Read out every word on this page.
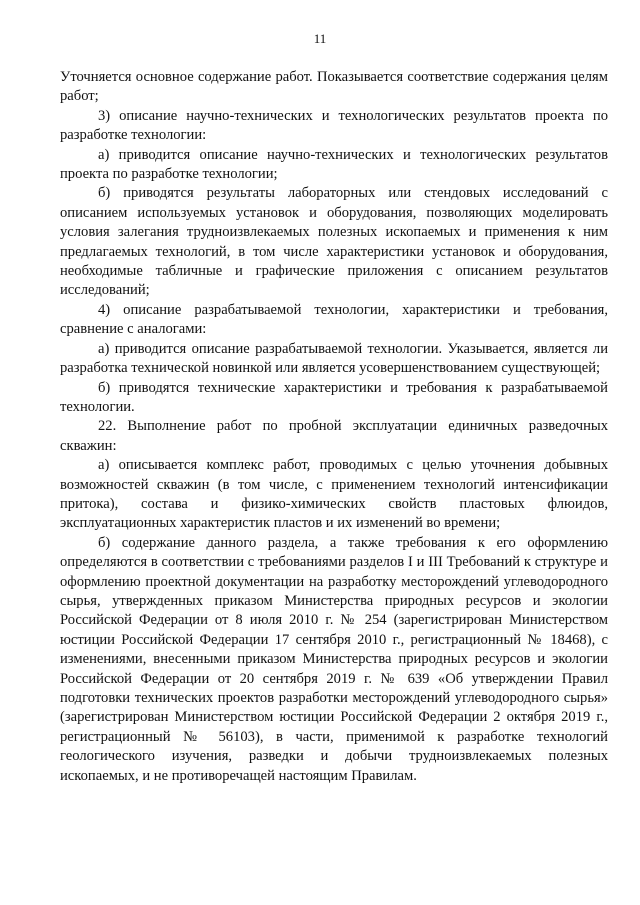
11

Уточняется основное содержание работ. Показывается соответствие содержания целям работ;

3) описание научно-технических и технологических результатов проекта по разработке технологии:

а) приводится описание научно-технических и технологических результатов проекта по разработке технологии;

б) приводятся результаты лабораторных или стендовых исследований с описанием используемых установок и оборудования, позволяющих моделировать условия залегания трудноизвлекаемых полезных ископаемых и применения к ним предлагаемых технологий, в том числе характеристики установок и оборудования, необходимые табличные и графические приложения с описанием результатов исследований;

4) описание разрабатываемой технологии, характеристики и требования, сравнение с аналогами:

а) приводится описание разрабатываемой технологии. Указывается, является ли разработка технической новинкой или является усовершенствованием существующей;

б) приводятся технические характеристики и требования к разрабатываемой технологии.

22. Выполнение работ по пробной эксплуатации единичных разведочных скважин:

а) описывается комплекс работ, проводимых с целью уточнения добывных возможностей скважин (в том числе, с применением технологий интенсификации притока), состава и физико-химических свойств пластовых флюидов, эксплуатационных характеристик пластов и их изменений во времени;

б) содержание данного раздела, а также требования к его оформлению определяются в соответствии с требованиями разделов I и III Требований к структуре и оформлению проектной документации на разработку месторождений углеводородного сырья, утвержденных приказом Министерства природных ресурсов и экологии Российской Федерации от 8 июля 2010 г. № 254 (зарегистрирован Министерством юстиции Российской Федерации 17 сентября 2010 г., регистрационный № 18468), с изменениями, внесенными приказом Министерства природных ресурсов и экологии Российской Федерации от 20 сентября 2019 г. № 639 «Об утверждении Правил подготовки технических проектов разработки месторождений углеводородного сырья» (зарегистрирован Министерством юстиции Российской Федерации 2 октября 2019 г., регистрационный № 56103), в части, применимой к разработке технологий геологического изучения, разведки и добычи трудноизвлекаемых полезных ископаемых, и не противоречащей настоящим Правилам.
